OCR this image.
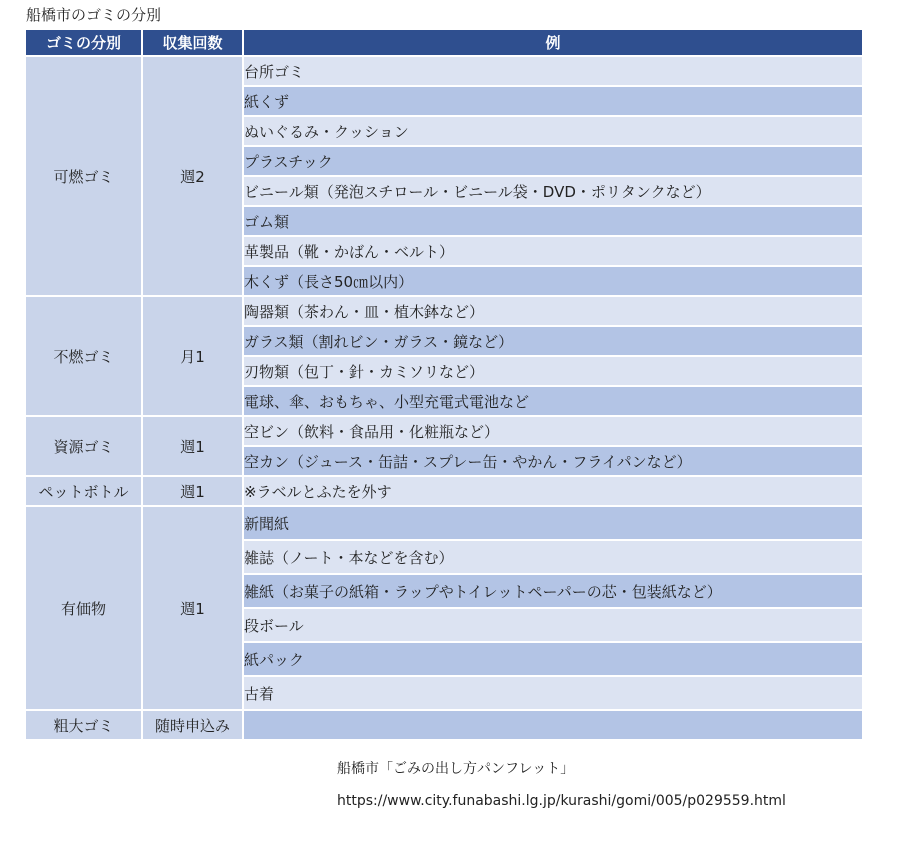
船橋市のゴミの分別
ゴミの分別	収集回数	例
可燃ゴミ	週2	台所ゴミ
		紙くず
		ぬいぐるみ・クッション
		プラスチック
		ビニール類（発泡スチロール・ビニール袋・DVD・ポリタンクなど）
		ゴム類
		革製品（靴・かばん・ベルト）
		木くず（長さ50㎝以内）
不燃ゴミ	月1	陶器類（茶わん・皿・植木鉢など）
		ガラス類（割れビン・ガラス・鏡など）
		刃物類（包丁・針・カミソリなど）
		電球、傘、おもちゃ、小型充電式電池など
資源ゴミ	週1	空ビン（飲料・食品用・化粧瓶など）
		空カン（ジュース・缶詰・スプレー缶・やかん・フライパンなど）
ペットボトル	週1	※ラベルとふたを外す
有価物	週1	新聞紙
		雑誌（ノート・本などを含む）
		雑紙（お菓子の紙箱・ラップやトイレットペーパーの芯・包装紙など）
		段ボール
		紙パック
		古着
粗大ゴミ	随時申込み	
船橋市「ごみの出し方パンフレット」
https://www.city.funabashi.lg.jp/kurashi/gomi/005/p029559.html
